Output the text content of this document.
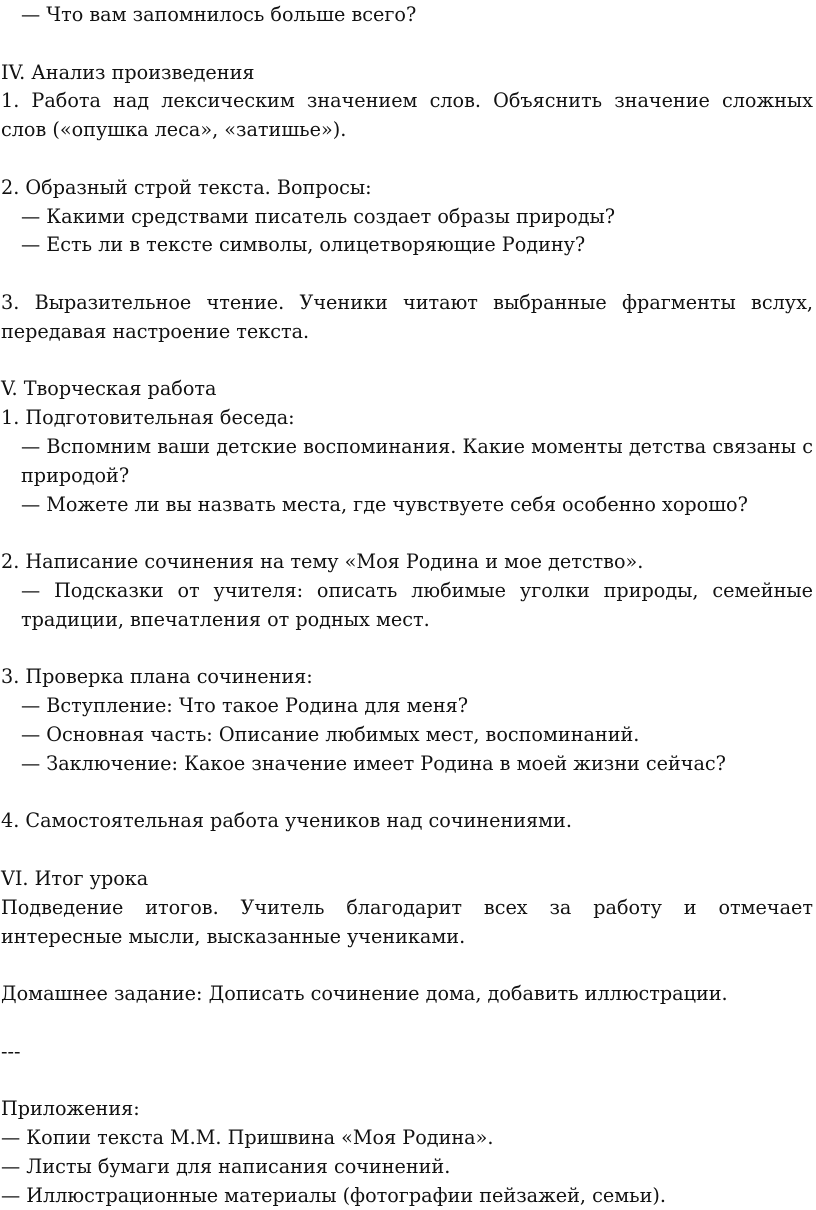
— Что вам запомнилось больше всего?
IV. Анализ произведения
1. Работа над лексическим значением слов. Объяснить значение сложных слов («опушка леса», «затишье»).
2. Образный строй текста. Вопросы:
— Какими средствами писатель создает образы природы?
— Есть ли в тексте символы, олицетворяющие Родину?
3. Выразительное чтение. Ученики читают выбранные фрагменты вслух, передавая настроение текста.
V. Творческая работа
1. Подготовительная беседа:
— Вспомним ваши детские воспоминания. Какие моменты детства связаны с природой?
— Можете ли вы назвать места, где чувствуете себя особенно хорошо?
2. Написание сочинения на тему «Моя Родина и мое детство».
— Подсказки от учителя: описать любимые уголки природы, семейные традиции, впечатления от родных мест.
3. Проверка плана сочинения:
— Вступление: Что такое Родина для меня?
— Основная часть: Описание любимых мест, воспоминаний.
— Заключение: Какое значение имеет Родина в моей жизни сейчас?
4. Самостоятельная работа учеников над сочинениями.
VI. Итог урока
Подведение итогов. Учитель благодарит всех за работу и отмечает интересные мысли, высказанные учениками.
Домашнее задание: Дописать сочинение дома, добавить иллюстрации.
---
Приложения:
— Копии текста М.М. Пришвина «Моя Родина».
— Листы бумаги для написания сочинений.
— Иллюстрационные материалы (фотографии пейзажей, семьи).
